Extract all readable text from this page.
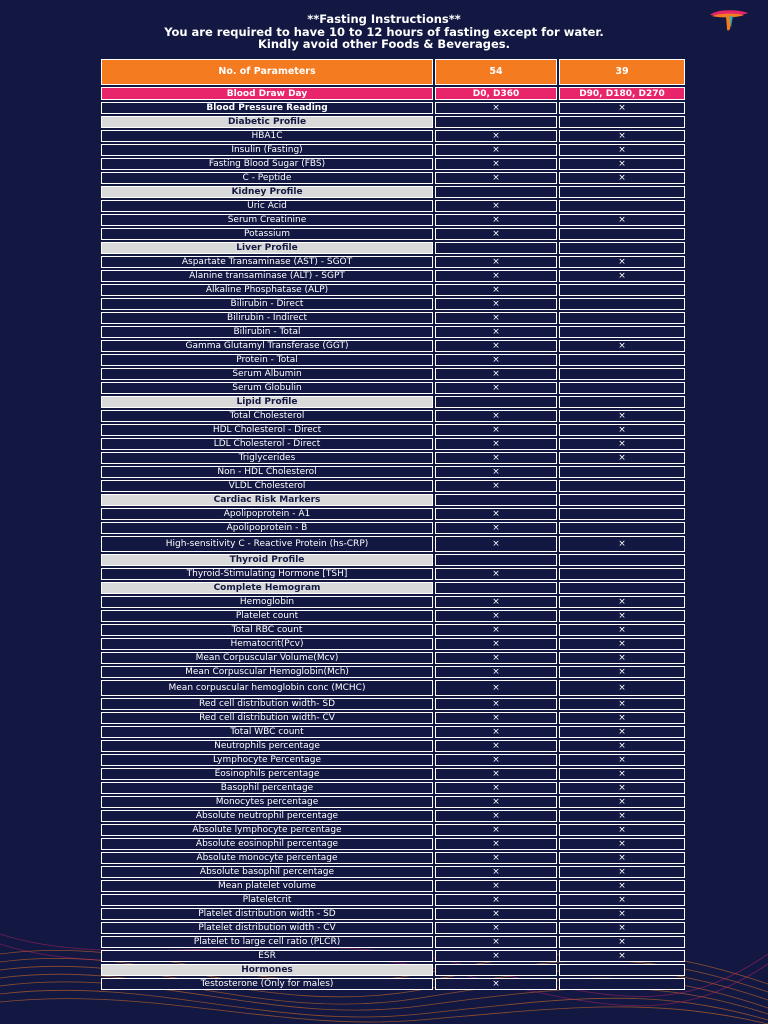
**Fasting Instructions**
You are required to have 10 to 12 hours of fasting except for water.
Kindly avoid other Foods & Beverages.
No. of Parameters	54	39
Blood Draw Day	D0, D360	D90, D180, D270
Blood Pressure Reading	×	×
Diabetic Profile		
HBA1C	×	×
Insulin (Fasting)	×	×
Fasting Blood Sugar (FBS)	×	×
C - Peptide	×	×
Kidney Profile		
Uric Acid	×	
Serum Creatinine	×	×
Potassium	×	
Liver Profile		
Aspartate Transaminase (AST) - SGOT	×	×
Alanine transaminase (ALT) - SGPT	×	×
Alkaline Phosphatase (ALP)	×	
Bilirubin - Direct	×	
Bilirubin - Indirect	×	
Bilirubin - Total	×	
Gamma Glutamyl Transferase (GGT)	×	×
Protein - Total	×	
Serum Albumin	×	
Serum Globulin	×	
Lipid Profile		
Total Cholesterol	×	×
HDL Cholesterol - Direct	×	×
LDL Cholesterol - Direct	×	×
Triglycerides	×	×
Non - HDL Cholesterol	×	
VLDL Cholesterol	×	
Cardiac Risk Markers		
Apolipoprotein - A1	×	
Apolipoprotein - B	×	
High-sensitivity C - Reactive Protein (hs-CRP)	×	×
Thyroid Profile		
Thyroid-Stimulating Hormone [TSH]	×	
Complete Hemogram		
Hemoglobin	×	×
Platelet count	×	×
Total RBC count	×	×
Hematocrit(Pcv)	×	×
Mean Corpuscular Volume(Mcv)	×	×
Mean Corpuscular Hemoglobin(Mch)	×	×
Mean corpuscular hemoglobin conc (MCHC)	×	×
Red cell distribution width- SD	×	×
Red cell distribution width- CV	×	×
Total WBC count	×	×
Neutrophils percentage	×	×
Lymphocyte Percentage	×	×
Eosinophils percentage	×	×
Basophil percentage	×	×
Monocytes percentage	×	×
Absolute neutrophil percentage	×	×
Absolute lymphocyte percentage	×	×
Absolute eosinophil percentage	×	×
Absolute monocyte percentage	×	×
Absolute basophil percentage	×	×
Mean platelet volume	×	×
Plateletcrit	×	×
Platelet distribution width - SD	×	×
Platelet distribution width - CV	×	×
Platelet to large cell ratio (PLCR)	×	×
ESR	×	×
Hormones		
Testosterone (Only for males)	×	
